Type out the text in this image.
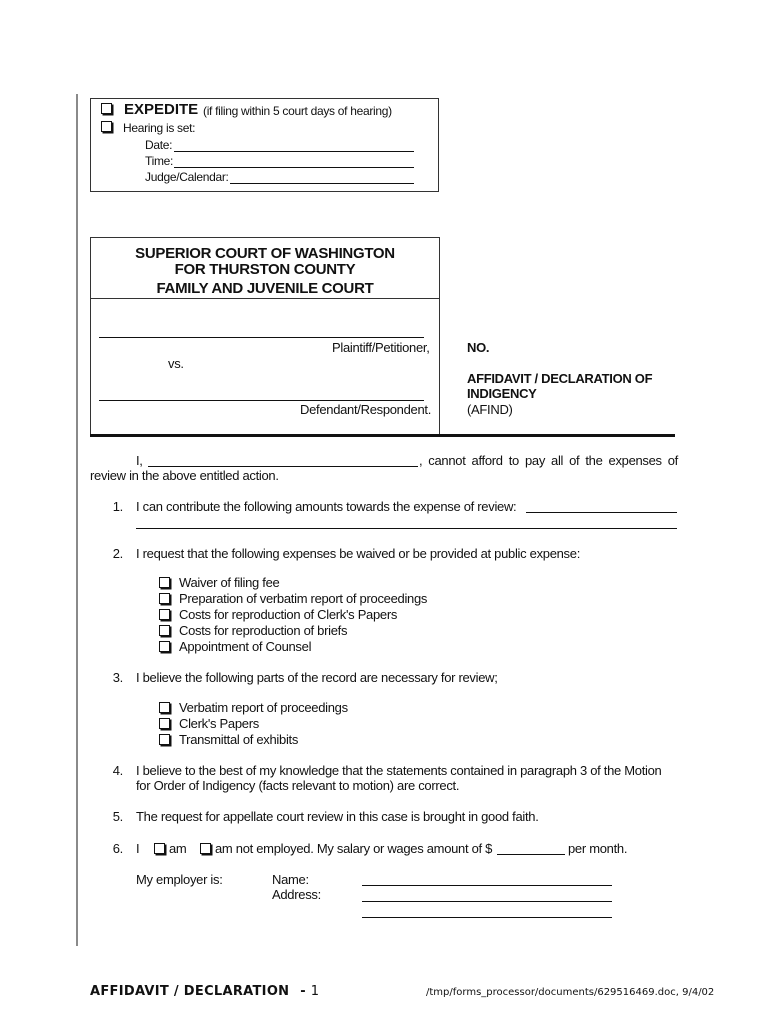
EXPEDITE (if filing within 5 court days of hearing)
Hearing is set:
Date:
Time:
Judge/Calendar:
SUPERIOR COURT OF WASHINGTON
FOR THURSTON COUNTY
FAMILY AND JUVENILE COURT
Plaintiff/Petitioner,
vs.
Defendant/Respondent.
NO.
AFFIDAVIT / DECLARATION OF
INDIGENCY
(AFIND)
I,	, cannot afford to pay all of the expenses of
review in the above entitled action.
1. I can contribute the following amounts towards the expense of review:
2. I request that the following expenses be waived or be provided at public expense:
Waiver of filing fee
Preparation of verbatim report of proceedings
Costs for reproduction of Clerk's Papers
Costs for reproduction of briefs
Appointment of Counsel
3. I believe the following parts of the record are necessary for review;
Verbatim report of proceedings
Clerk's Papers
Transmittal of exhibits
4. I believe to the best of my knowledge that the statements contained in paragraph 3 of the Motion
for Order of Indigency (facts relevant to motion) are correct.
5. The request for appellate court review in this case is brought in good faith.
6. I am am not employed. My salary or wages amount of $	per month.
My employer is:	Name:
Address:
AFFIDAVIT / DECLARATION - 1	/tmp/forms_processor/documents/629516469.doc, 9/4/02
